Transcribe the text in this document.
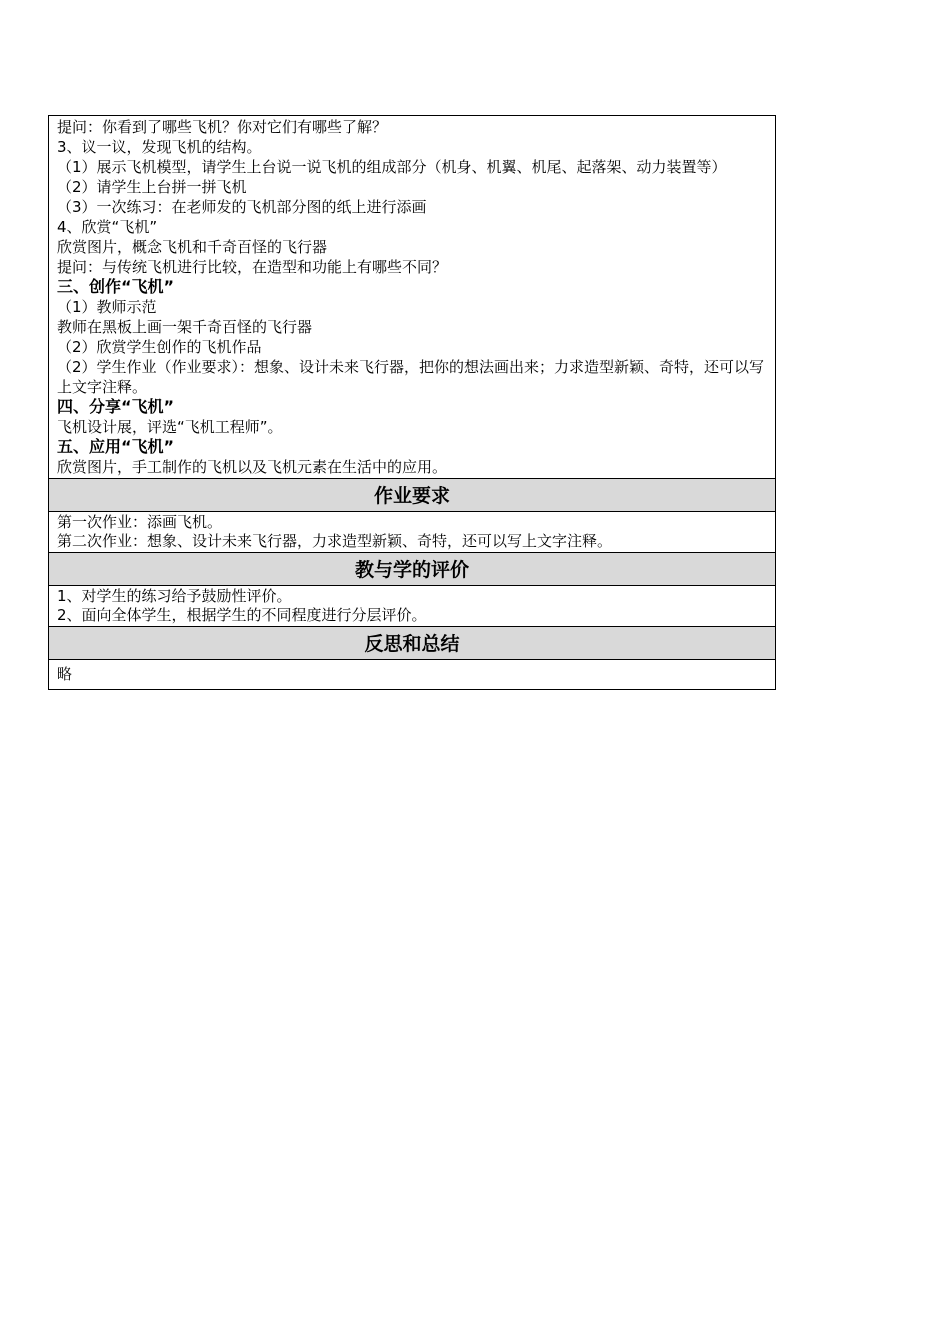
提问：你看到了哪些飞机？你对它们有哪些了解？
3、议一议，发现飞机的结构。
（1）展示飞机模型，请学生上台说一说飞机的组成部分（机身、机翼、机尾、起落架、动力装置等）
（2）请学生上台拼一拼飞机
（3）一次练习：在老师发的飞机部分图的纸上进行添画
4、欣赏“飞机”
欣赏图片，概念飞机和千奇百怪的飞行器
提问：与传统飞机进行比较，在造型和功能上有哪些不同？
三、创作“飞机”
（1）教师示范
教师在黑板上画一架千奇百怪的飞行器
（2）欣赏学生创作的飞机作品
（2）学生作业（作业要求）：想象、设计未来飞行器，把你的想法画出来；力求造型新颖、奇特，还可以写上文字注释。
四、分享“飞机”
飞机设计展，评选“飞机工程师”。
五、应用“飞机”
欣赏图片，手工制作的飞机以及飞机元素在生活中的应用。
作业要求
第一次作业：添画飞机。
第二次作业：想象、设计未来飞行器，力求造型新颖、奇特，还可以写上文字注释。
教与学的评价
1、对学生的练习给予鼓励性评价。
2、面向全体学生，根据学生的不同程度进行分层评价。
反思和总结
略
